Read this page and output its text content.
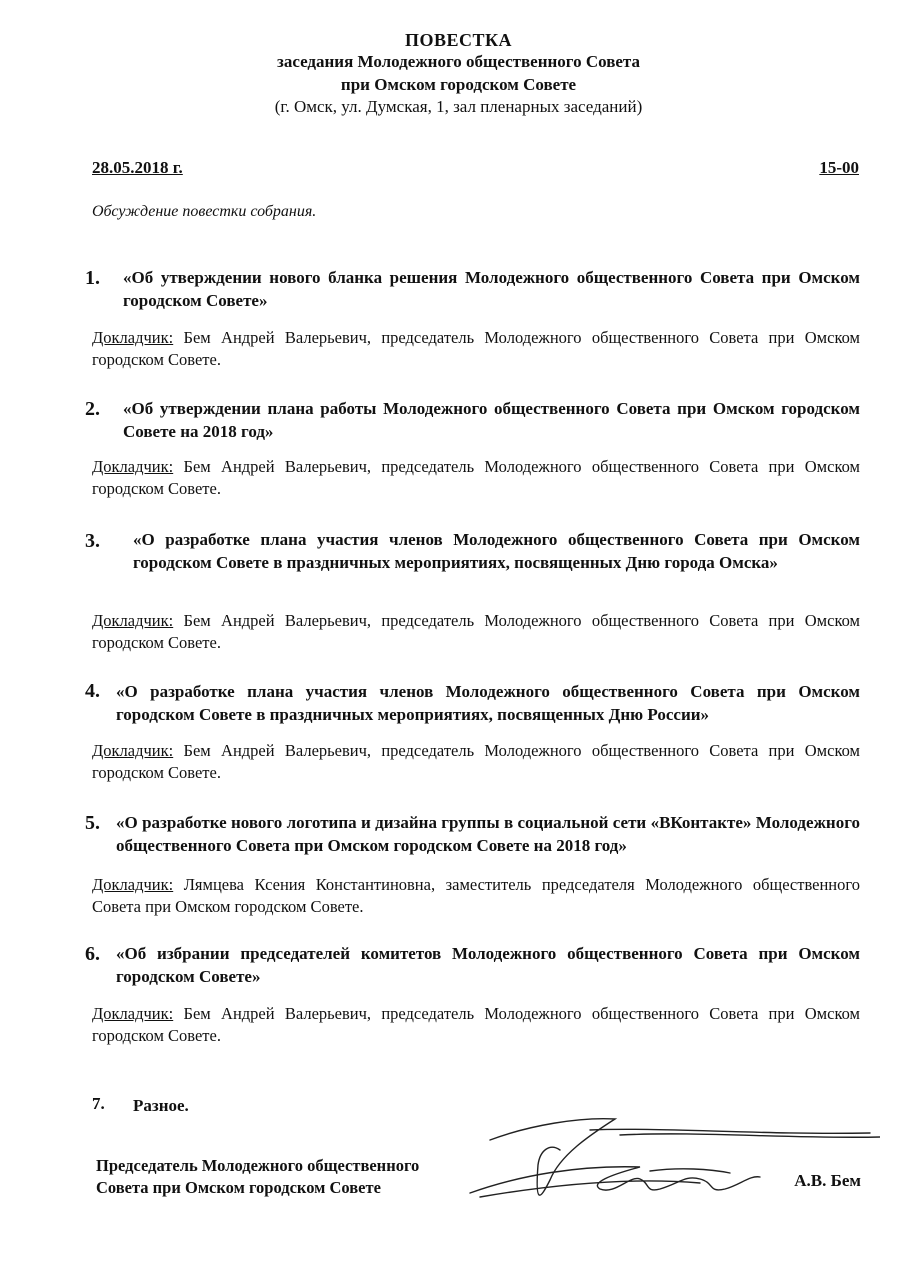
ПОВЕСТКА
заседания Молодежного общественного Совета
при Омском городском Совете
(г. Омск, ул. Думская, 1, зал пленарных заседаний)
28.05.2018 г.	15-00
Обсуждение повестки собрания.
1. «Об утверждении нового бланка решения Молодежного общественного Совета при Омском городском Совете»
Докладчик: Бем Андрей Валерьевич, председатель Молодежного общественного Совета при Омском городском Совете.
2. «Об утверждении плана работы Молодежного общественного Совета при Омском городском Совете на 2018 год»
Докладчик: Бем Андрей Валерьевич, председатель Молодежного общественного Совета при Омском городском Совете.
3. «О разработке плана участия членов Молодежного общественного Совета при Омском городском Совете в праздничных мероприятиях, посвященных Дню города Омска»
Докладчик: Бем Андрей Валерьевич, председатель Молодежного общественного Совета при Омском городском Совете.
4. «О разработке плана участия членов Молодежного общественного Совета при Омском городском Совете в праздничных мероприятиях, посвященных Дню России»
Докладчик: Бем Андрей Валерьевич, председатель Молодежного общественного Совета при Омском городском Совете.
5. «О разработке нового логотипа и дизайна группы в социальной сети «ВКонтакте» Молодежного общественного Совета при Омском городском Совете на 2018 год»
Докладчик: Лямцева Ксения Константиновна, заместитель председателя Молодежного общественного Совета при Омском городском Совете.
6. «Об избрании председателей комитетов Молодежного общественного Совета при Омском городском Совете»
Докладчик: Бем Андрей Валерьевич, председатель Молодежного общественного Совета при Омском городском Совете.
7. Разное.
Председатель Молодежного общественного
Совета при Омском городском Совете	А.В. Бем
